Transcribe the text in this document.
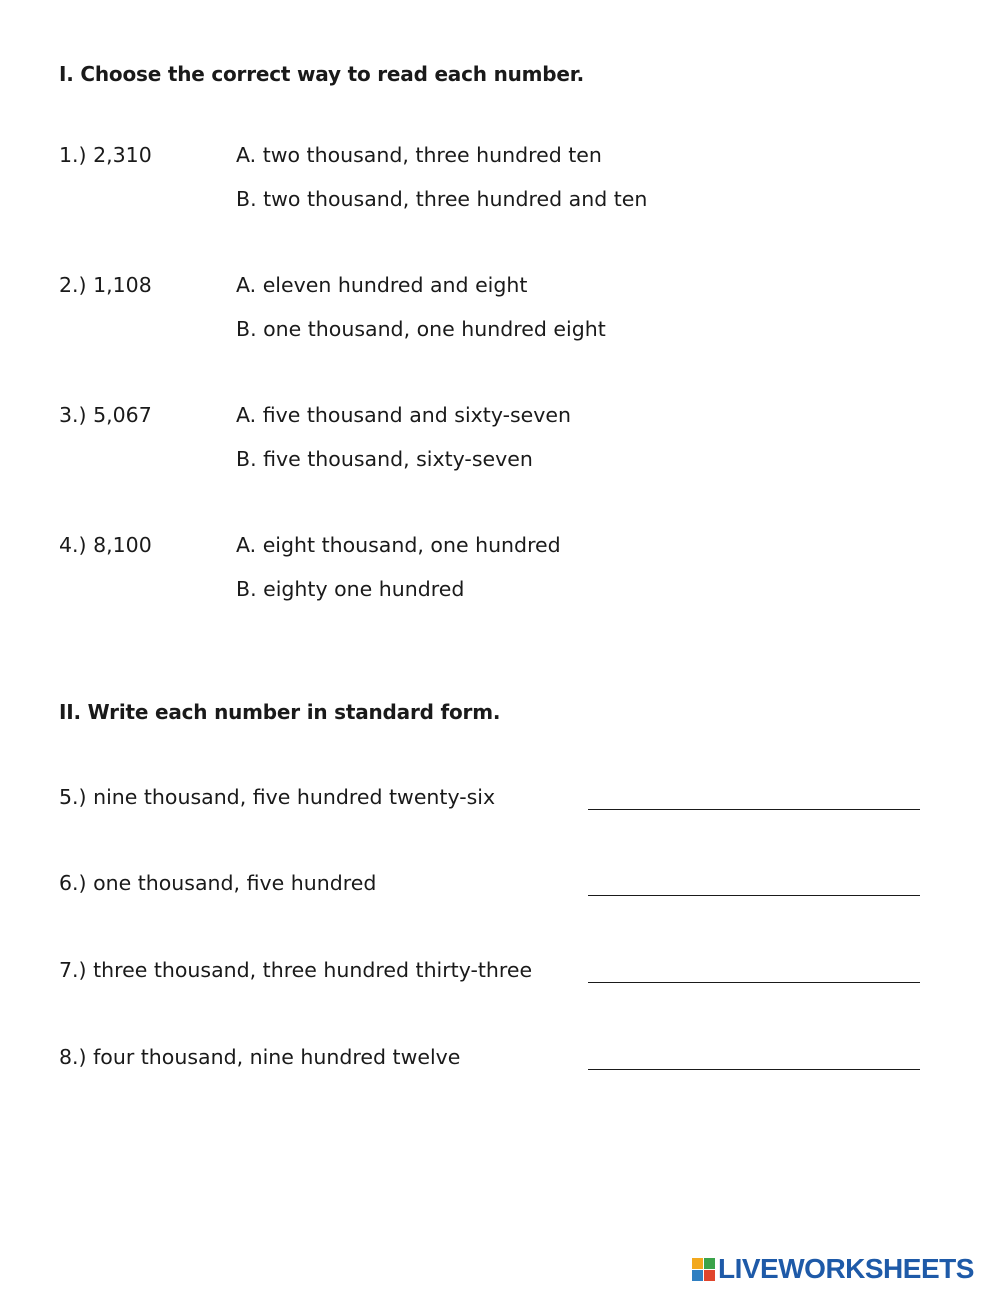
I. Choose the correct way to read each number.
1.) 2,310	A. two thousand, three hundred ten
B. two thousand, three hundred and ten
2.) 1,108	A. eleven hundred and eight
B. one thousand, one hundred eight
3.) 5,067	A. five thousand and sixty-seven
B. five thousand, sixty-seven
4.) 8,100	A. eight thousand, one hundred
B. eighty one hundred
II. Write each number in standard form.
5.) nine thousand, five hundred twenty-six
6.) one thousand, five hundred
7.) three thousand, three hundred thirty-three
8.) four thousand, nine hundred twelve
LIVEWORKSHEETS
